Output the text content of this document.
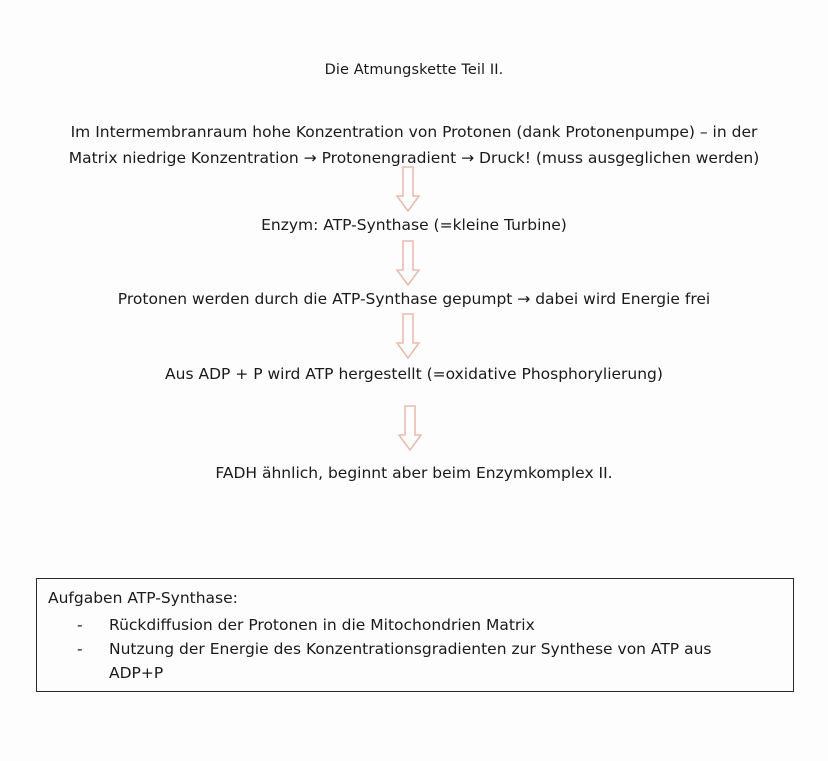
Die Atmungskette Teil II.
Im Intermembranraum hohe Konzentration von Protonen (dank Protonenpumpe) – in der
Matrix niedrige Konzentration → Protonengradient → Druck! (muss ausgeglichen werden)
Enzym: ATP-Synthase (=kleine Turbine)
Protonen werden durch die ATP-Synthase gepumpt → dabei wird Energie frei
Aus ADP + P wird ATP hergestellt (=oxidative Phosphorylierung)
FADH ähnlich, beginnt aber beim Enzymkomplex II.
Aufgaben ATP-Synthase:
- Rückdiffusion der Protonen in die Mitochondrien Matrix
- Nutzung der Energie des Konzentrationsgradienten zur Synthese von ATP aus ADP+P
